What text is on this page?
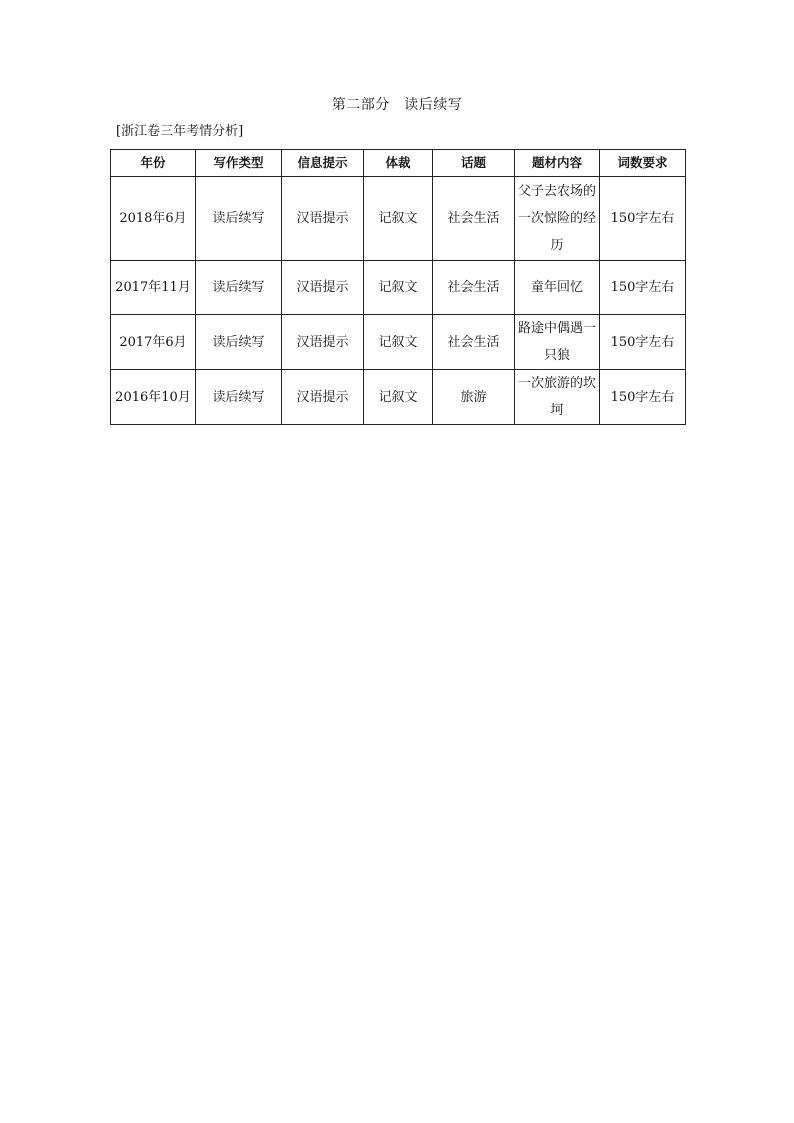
第二部分　读后续写
[浙江卷三年考情分析]
年份	写作类型	信息提示	体裁	话题	题材内容	词数要求
2018年6月	读后续写	汉语提示	记叙文	社会生活	父子去农场的一次惊险的经历	150字左右
2017年11月	读后续写	汉语提示	记叙文	社会生活	童年回忆	150字左右
2017年6月	读后续写	汉语提示	记叙文	社会生活	路途中偶遇一只狼	150字左右
2016年10月	读后续写	汉语提示	记叙文	旅游	一次旅游的坎坷	150字左右
